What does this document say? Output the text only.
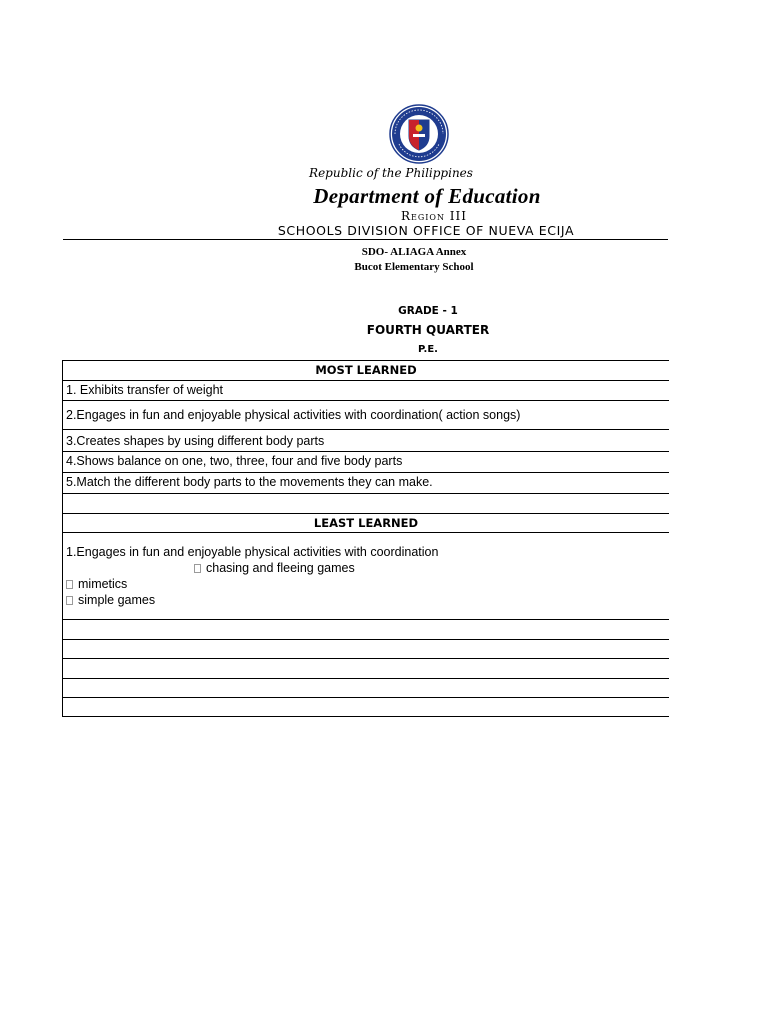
Republic of the Philippines
Department of Education
Region III
SCHOOLS DIVISION OFFICE OF NUEVA ECIJA
SDO- ALIAGA Annex
Bucot Elementary School
GRADE - 1
FOURTH QUARTER
P.E.
MOST LEARNED
1. Exhibits transfer of weight
2.Engages in fun and enjoyable physical activities with coordination( action songs)
3.Creates shapes by using different body parts
4.Shows balance on one, two, three, four and five body parts
5.Match the different body parts to the movements they can make.
LEAST LEARNED
1.Engages in fun and enjoyable physical activities with coordination
chasing and fleeing games
mimetics
simple games
